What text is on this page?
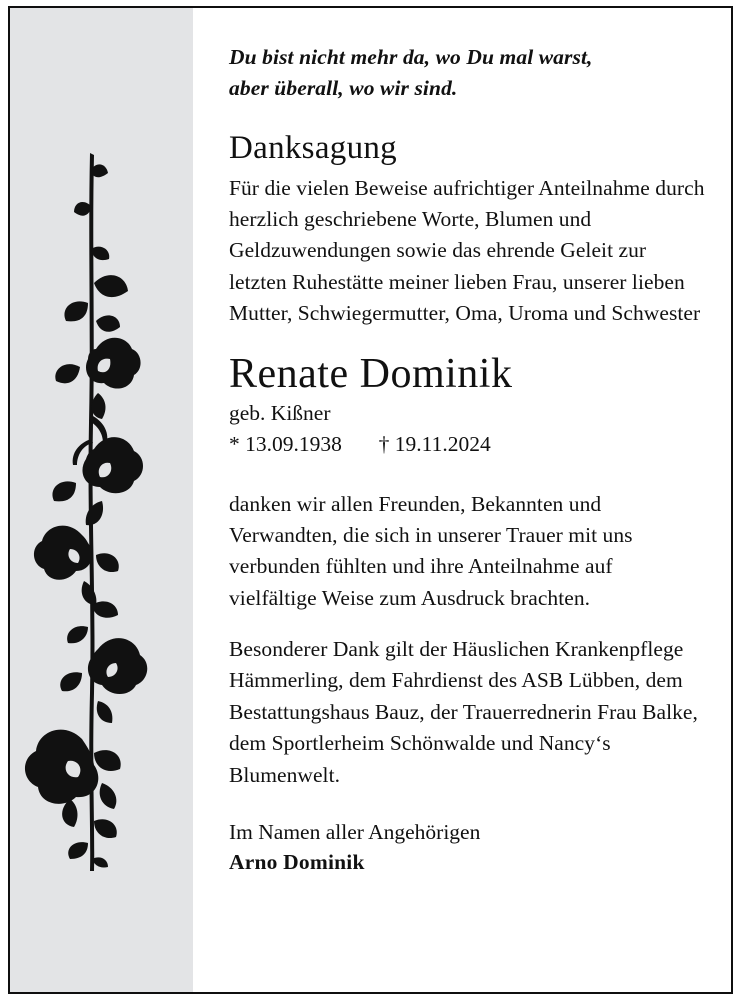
Du bist nicht mehr da, wo Du mal warst,
aber überall, wo wir sind.

Danksagung

Für die vielen Beweise aufrichtiger Anteilnahme durch herzlich geschriebene Worte, Blumen und Geldzuwendungen sowie das ehrende Geleit zur letzten Ruhestätte meiner lieben Frau, unserer lieben Mutter, Schwiegermutter, Oma, Uroma und Schwester

Renate Dominik
geb. Kißner
* 13.09.1938 † 19.11.2024

danken wir allen Freunden, Bekannten und Verwandten, die sich in unserer Trauer mit uns verbunden fühlten und ihre Anteilnahme auf vielfältige Weise zum Ausdruck brachten.

Besonderer Dank gilt der Häuslichen Krankenpflege Hämmerling, dem Fahrdienst des ASB Lübben, dem Bestattungshaus Bauz, der Trauerrednerin Frau Balke, dem Sportlerheim Schönwalde und Nancy‘s Blumenwelt.

Im Namen aller Angehörigen

Arno Dominik
